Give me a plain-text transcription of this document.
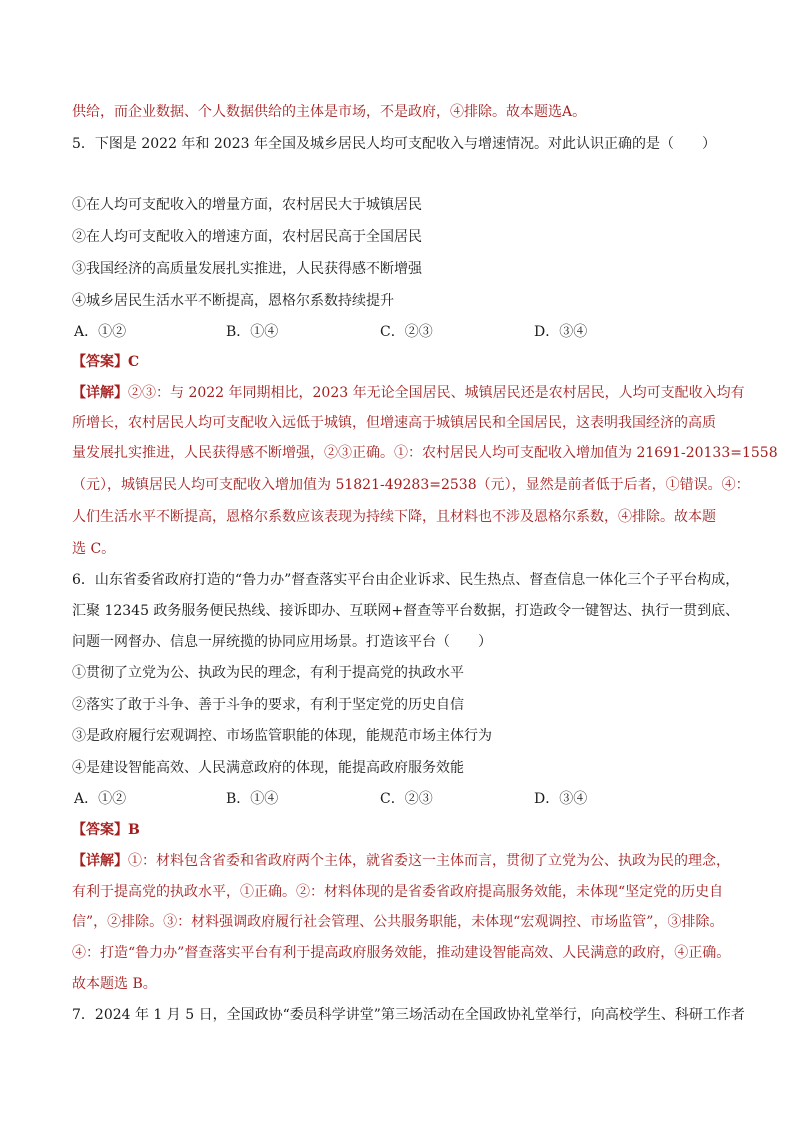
供给，而企业数据、个人数据供给的主体是市场，不是政府，④排除。故本题选A。
5．下图是 2022 年和 2023 年全国及城乡居民人均可支配收入与增速情况。对此认识正确的是（　　）
①在人均可支配收入的增量方面，农村居民大于城镇居民
②在人均可支配收入的增速方面，农村居民高于全国居民
③我国经济的高质量发展扎实推进，人民获得感不断增强
④城乡居民生活水平不断提高，恩格尔系数持续提升
A．①②	B．①④	C．②③	D．③④
【答案】C
【详解】②③：与 2022 年同期相比，2023 年无论全国居民、城镇居民还是农村居民，人均可支配收入均有
所增长，农村居民人均可支配收入远低于城镇，但增速高于城镇居民和全国居民，这表明我国经济的高质
量发展扎实推进，人民获得感不断增强，②③正确。①：农村居民人均可支配收入增加值为 21691-20133=1558
（元），城镇居民人均可支配收入增加值为 51821-49283=2538（元），显然是前者低于后者，①错误。④：
人们生活水平不断提高，恩格尔系数应该表现为持续下降，且材料也不涉及恩格尔系数，④排除。故本题
选 C。
6．山东省委省政府打造的“鲁力办”督查落实平台由企业诉求、民生热点、督查信息一体化三个子平台构成，
汇聚 12345 政务服务便民热线、接诉即办、互联网+督查等平台数据，打造政令一键智达、执行一贯到底、
问题一网督办、信息一屏统揽的协同应用场景。打造该平台（　　）
①贯彻了立党为公、执政为民的理念，有利于提高党的执政水平
②落实了敢于斗争、善于斗争的要求，有利于坚定党的历史自信
③是政府履行宏观调控、市场监管职能的体现，能规范市场主体行为
④是建设智能高效、人民满意政府的体现，能提高政府服务效能
A．①②	B．①④	C．②③	D．③④
【答案】B
【详解】①：材料包含省委和省政府两个主体，就省委这一主体而言，贯彻了立党为公、执政为民的理念，
有利于提高党的执政水平，①正确。②：材料体现的是省委省政府提高服务效能，未体现“坚定党的历史自
信”，②排除。③：材料强调政府履行社会管理、公共服务职能，未体现“宏观调控、市场监管”，③排除。
④：打造“鲁力办”督查落实平台有利于提高政府服务效能，推动建设智能高效、人民满意的政府，④正确。
故本题选 B。
7．2024 年 1 月 5 日，全国政协“委员科学讲堂”第三场活动在全国政协礼堂举行，向高校学生、科研工作者
